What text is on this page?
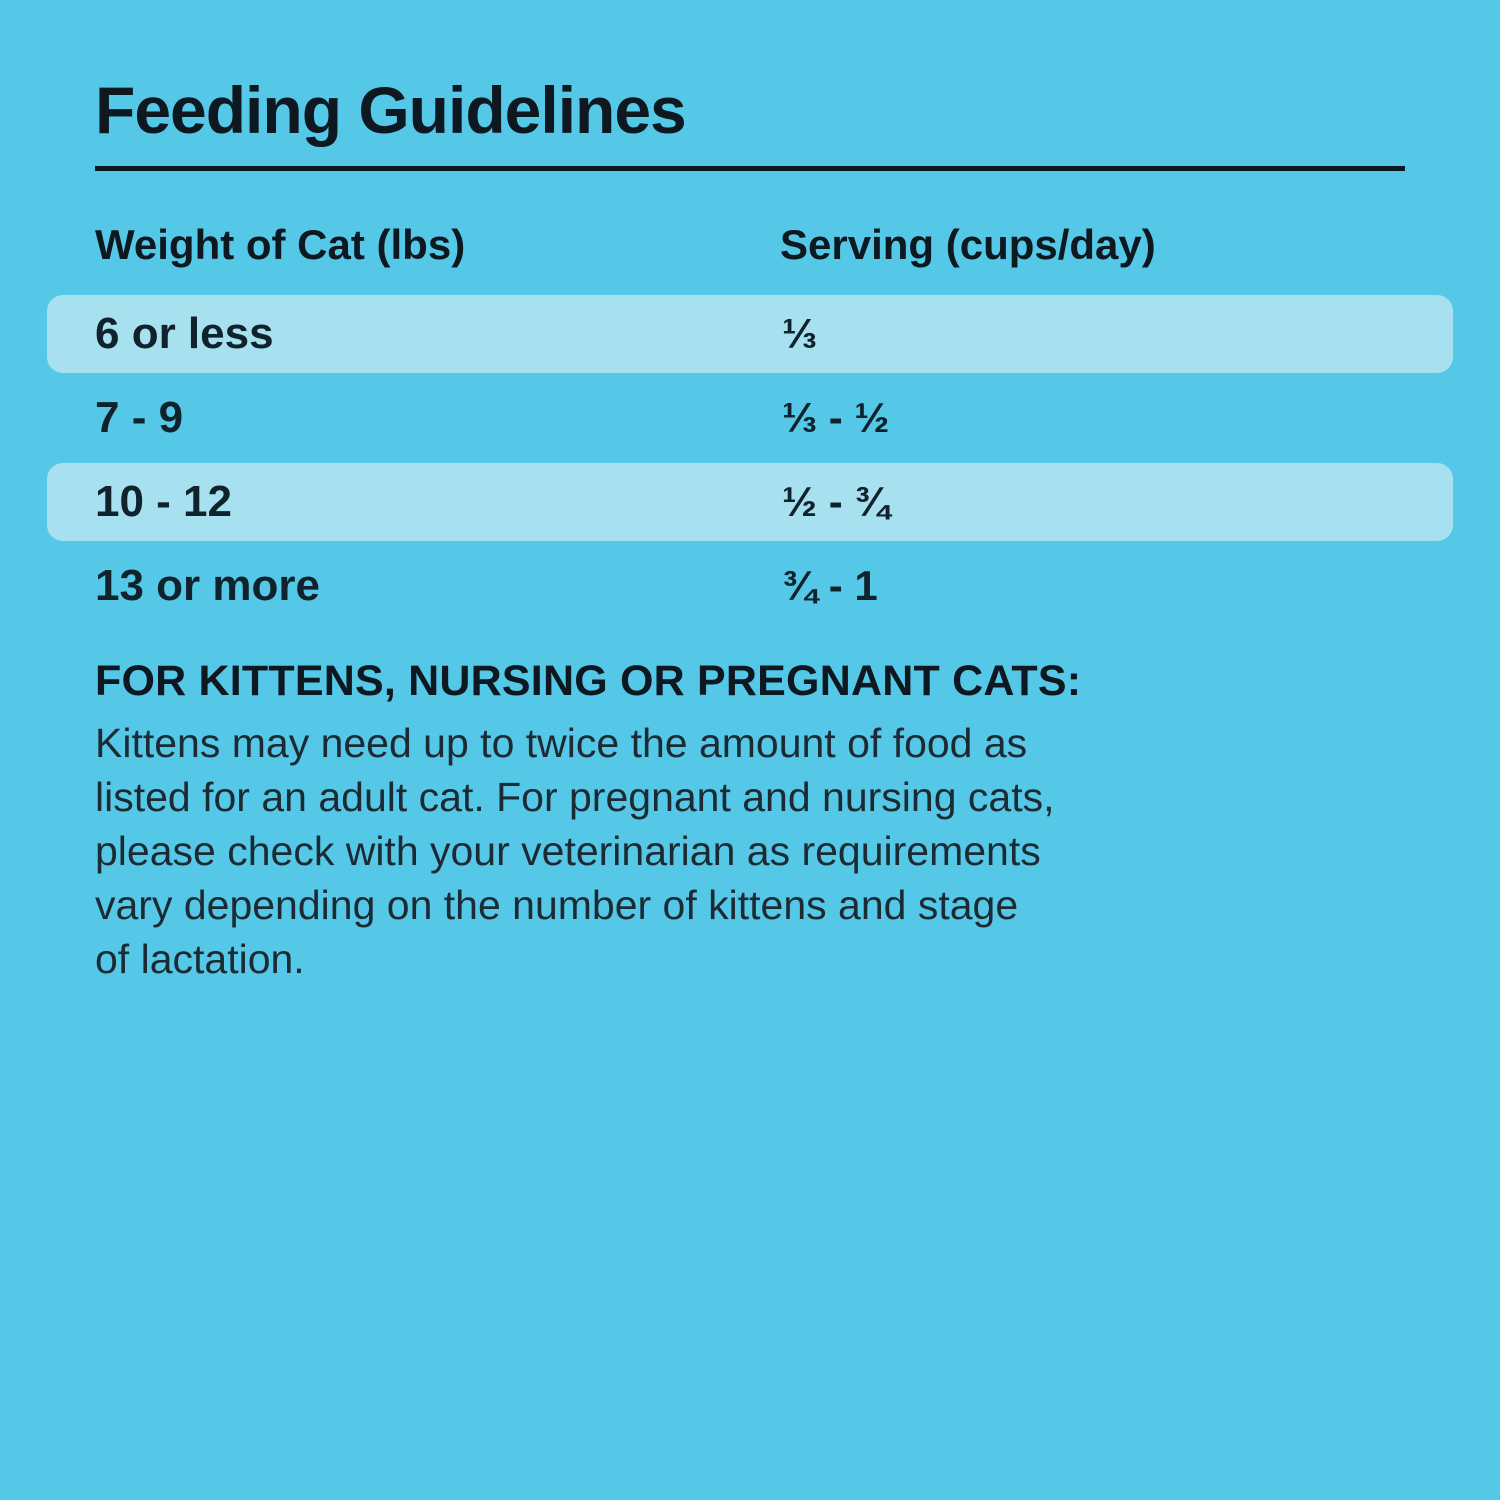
Feeding Guidelines
Weight of Cat (lbs)	Serving (cups/day)
6 or less	⅓
7 - 9	⅓ - ½
10 - 12	½ - ¾
13 or more	¾ - 1
FOR KITTENS, NURSING OR PREGNANT CATS:
Kittens may need up to twice the amount of food as
listed for an adult cat. For pregnant and nursing cats,
please check with your veterinarian as requirements
vary depending on the number of kittens and stage
of lactation.
